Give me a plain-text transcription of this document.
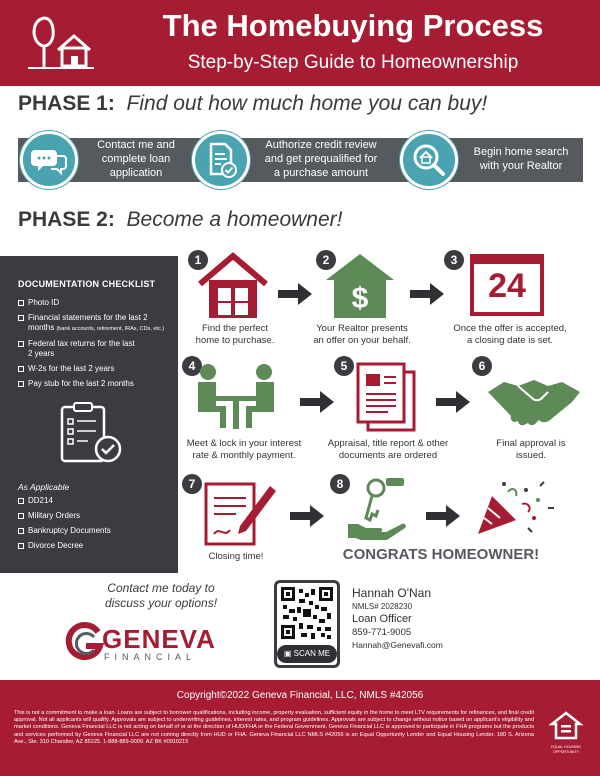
The Homebuying Process
Step-by-Step Guide to Homeownership
PHASE 1: Find out how much home you can buy!
Contact me and
complete loan
application
Authorize credit review
and get prequalified for
a purchase amount
Begin home search
with your Realtor
PHASE 2: Become a homeowner!
DOCUMENTATION CHECKLIST
Photo ID
Financial statements for the last 2
months (bank accounts, retirement, IRAs, CDs, etc.)
Federal tax returns for the last
2 years
W-2s for the last 2 years
Pay stub for the last 2 months
As Applicable
DD214
Military Orders
Bankruptcy Documents
Divorce Decree
1
Find the perfect
home to purchase.
2
$
Your Realtor presents
an offer on your behalf.
3
24
Once the offer is accepted,
a closing date is set.
4
Meet & lock in your interest
rate & monthly payment.
5
Appraisal, title report & other
documents are ordered
6
Final approval is
issued.
7
Closing time!
8
CONGRATS HOMEOWNER!
Contact me today to
discuss your options!
GENEVA
FINANCIAL	▣ SCAN ME
Hannah O'Nan
NMLS# 2028230
Loan Officer
859-771-9005
Hannah@Genevafi.com
Copyright©2022 Geneva Financial, LLC, NMLS #42056
This is not a commitment to make a loan. Loans are subject to borrower qualifications, including income, property evaluation, sufficient equity in the home to meet LTV requirements for refinances, and final credit approval. Not all applicants will qualify. Approvals are subject to underwriting guidelines, interest rates, and program guidelines. Approvals are subject to change without notice based on applicant's eligibility and market conditions. Geneva Financial LLC is not acting on behalf of or at the direction of HUD/FHA or the Federal Government. Geneva Financial LLC is approved to participate in FHA programs but the products and services performed by Geneva Financial LLC are not coming directly from HUD or FHA. Geneva Financial LLC NMLS #42056 is an Equal Opportunity Lender and Equal Housing Lender. 180 S. Arizona Ave., Ste. 310 Chandler, AZ 85225. 1-888-889-0009. AZ BK #0910215
EQUAL HOUSING OPPORTUNITY
